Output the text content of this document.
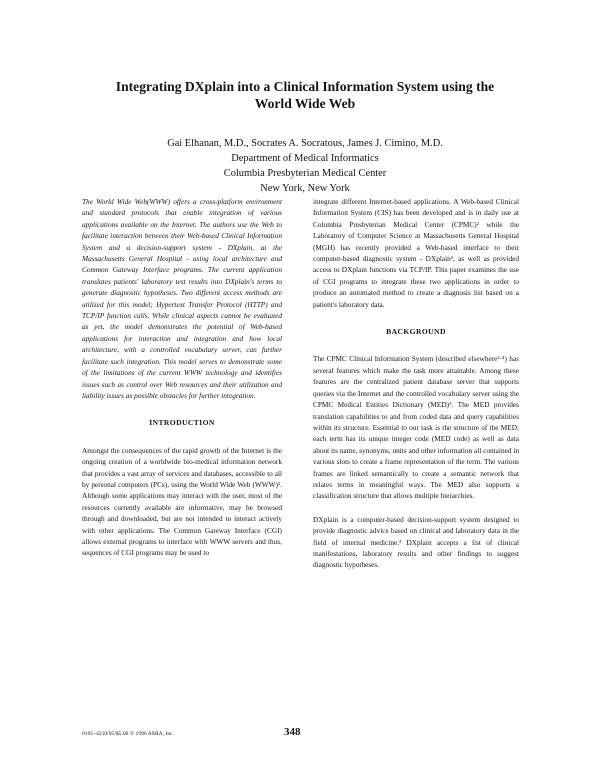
Integrating DXplain into a Clinical Information System using the
World Wide Web
Gai Elhanan, M.D., Socrates A. Socratous, James J. Cimino, M.D.
Department of Medical Informatics
Columbia Presbyterian Medical Center
New York, New York

The World Wide Web(WWW) offers a cross-platform environment and standard protocols that enable integration of various applications available on the Internet. The authors use the Web to facilitate interaction between their Web-based Clinical Information System and a decision-support system - DXplain, at the Massachusetts General Hospital - using local architecture and Common Gateway Interface programs. The current application translates patients' laboratory test results into DXplain's terms to generate diagnostic hypotheses. Two different access methods are utilized for this model; Hypertext Transfer Protocol (HTTP) and TCP/IP function calls. While clinical aspects cannot be evaluated as yet, the model demonstrates the potential of Web-based applications for interaction and integration and how local architecture, with a controlled vocabulary server, can further facilitate such integration. This model serves to demonstrate some of the limitations of the current WWW technology and identifies issues such as control over Web resources and their utilization and liability issues as possible obstacles for further integration.

INTRODUCTION

Amongst the consequences of the rapid growth of the Internet is the ongoing creation of a worldwide bio-medical information network that provides a vast array of services and databases, accessible to all by personal computers (PCs), using the World Wide Web (WWW)¹. Although some applications may interact with the user, most of the resources currently available are informative, may be browsed through and downloaded, but are not intended to interact actively with other applications. The Common Gateway Interface (CGI) allows external programs to interface with WWW servers and thus, sequences of CGI programs may be used to

integrate different Internet-based applications. A Web-based Clinical Information System (CIS) has been developed and is in daily use at Columbia Presbyterian Medical Center (CPMC)² while the Laboratory of Computer Science at Massachusetts General Hospital (MGH) has recently provided a Web-based interface to their computer-based diagnostic system - DXplain³, as well as provided access to DXplain functions via TCP/IP. This paper examines the use of CGI programs to integrate these two applications in order to produce an automated method to create a diagnosis list based on a patient's laboratory data.

BACKGROUND

The CPMC Clinical Information System (described elsewhere²·⁴) has several features which make the task more attainable. Among these features are the centralized patient database server that supports queries via the Internet and the controlled vocabulary server using the CPMC Medical Entities Dictionary (MED)⁵. The MED provides translation capabilities to and from coded data and query capabilities within its structure. Essential to our task is the structure of the MED; each term has its unique integer code (MED code) as well as data about its name, synonyms, units and other information all contained in various slots to create a frame representation of the term. The various frames are linked semantically to create a semantic network that relates terms in meaningful ways. The MED also supports a classification structure that allows multiple hierarchies.

DXplain is a computer-based decision-support system designed to provide diagnostic advice based on clinical and laboratory data in the field of internal medicine.³ DXplain accepts a list of clinical manifestations, laboratory results and other findings to suggest diagnostic hypotheses.

0195–4210/95/$5.00 © 1996 AMIA, Inc.	348
